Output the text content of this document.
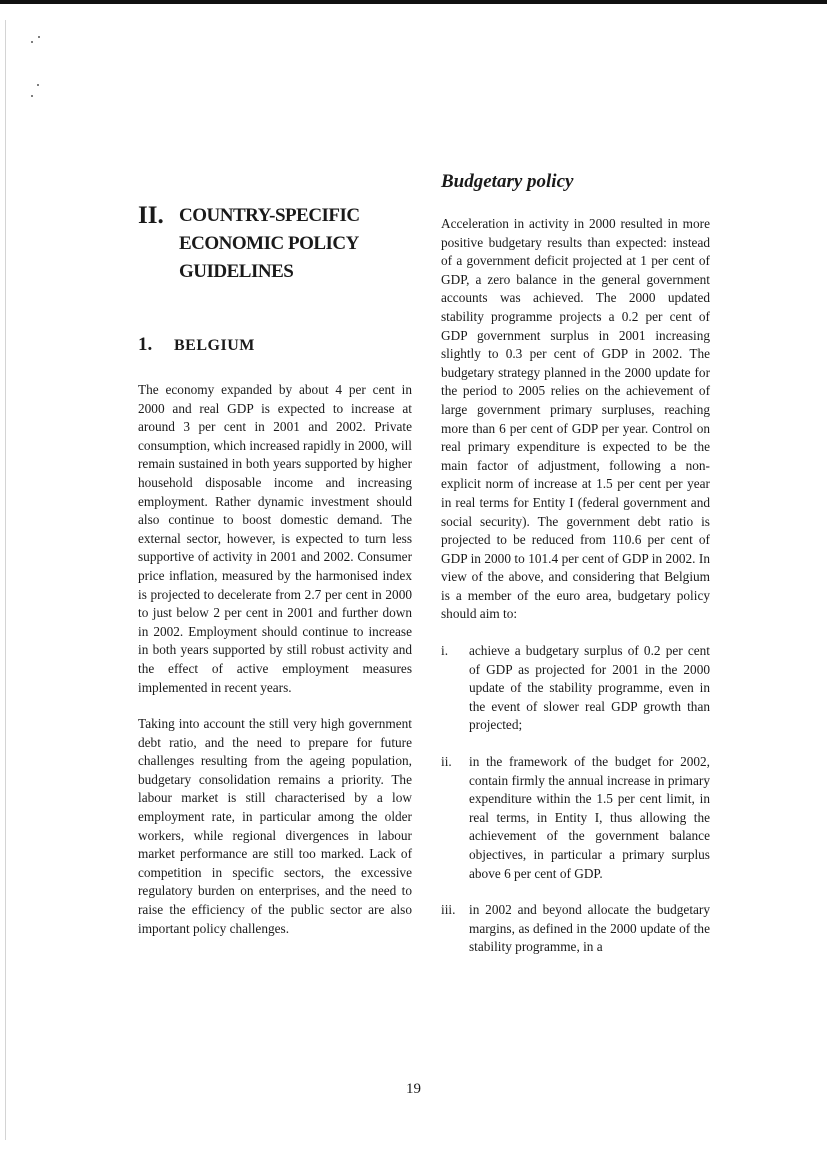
II. COUNTRY-SPECIFIC
ECONOMIC POLICY
GUIDELINES
1.	BELGIUM

The economy expanded by about 4 per cent in 2000 and real GDP is expected to increase at around 3 per cent in 2001 and 2002. Private consumption, which increased rapidly in 2000, will remain sustained in both years supported by higher household disposable income and increasing employment. Rather dynamic investment should also continue to boost domestic demand. The external sector, however, is expected to turn less supportive of activity in 2001 and 2002. Consumer price inflation, measured by the harmonised index is projected to decelerate from 2.7 per cent in 2000 to just below 2 per cent in 2001 and further down in 2002. Employment should continue to increase in both years supported by still robust activity and the effect of active employment measures implemented in recent years.

Taking into account the still very high government debt ratio, and the need to prepare for future challenges resulting from the ageing population, budgetary consolidation remains a priority. The labour market is still characterised by a low employment rate, in particular among the older workers, while regional divergences in labour market performance are still too marked. Lack of competition in specific sectors, the excessive regulatory burden on enterprises, and the need to raise the efficiency of the public sector are also important policy challenges.

Budgetary policy

Acceleration in activity in 2000 resulted in more positive budgetary results than expected: instead of a government deficit projected at 1 per cent of GDP, a zero balance in the general government accounts was achieved. The 2000 updated stability programme projects a 0.2 per cent of GDP government surplus in 2001 increasing slightly to 0.3 per cent of GDP in 2002. The budgetary strategy planned in the 2000 update for the period to 2005 relies on the achievement of large government primary surpluses, reaching more than 6 per cent of GDP per year. Control on real primary expenditure is expected to be the main factor of adjustment, following a non-explicit norm of increase at 1.5 per cent per year in real terms for Entity I (federal government and social security). The government debt ratio is projected to be reduced from 110.6 per cent of GDP in 2000 to 101.4 per cent of GDP in 2002. In view of the above, and considering that Belgium is a member of the euro area, budgetary policy should aim to:

i.	achieve a budgetary surplus of 0.2 per cent of GDP as projected for 2001 in the 2000 update of the stability programme, even in the event of slower real GDP growth than projected;
ii.	in the framework of the budget for 2002, contain firmly the annual increase in primary expenditure within the 1.5 per cent limit, in real terms, in Entity I, thus allowing the achievement of the government balance objectives, in particular a primary surplus above 6 per cent of GDP.
iii.	in 2002 and beyond allocate the budgetary margins, as defined in the 2000 update of the stability programme, in a
19
